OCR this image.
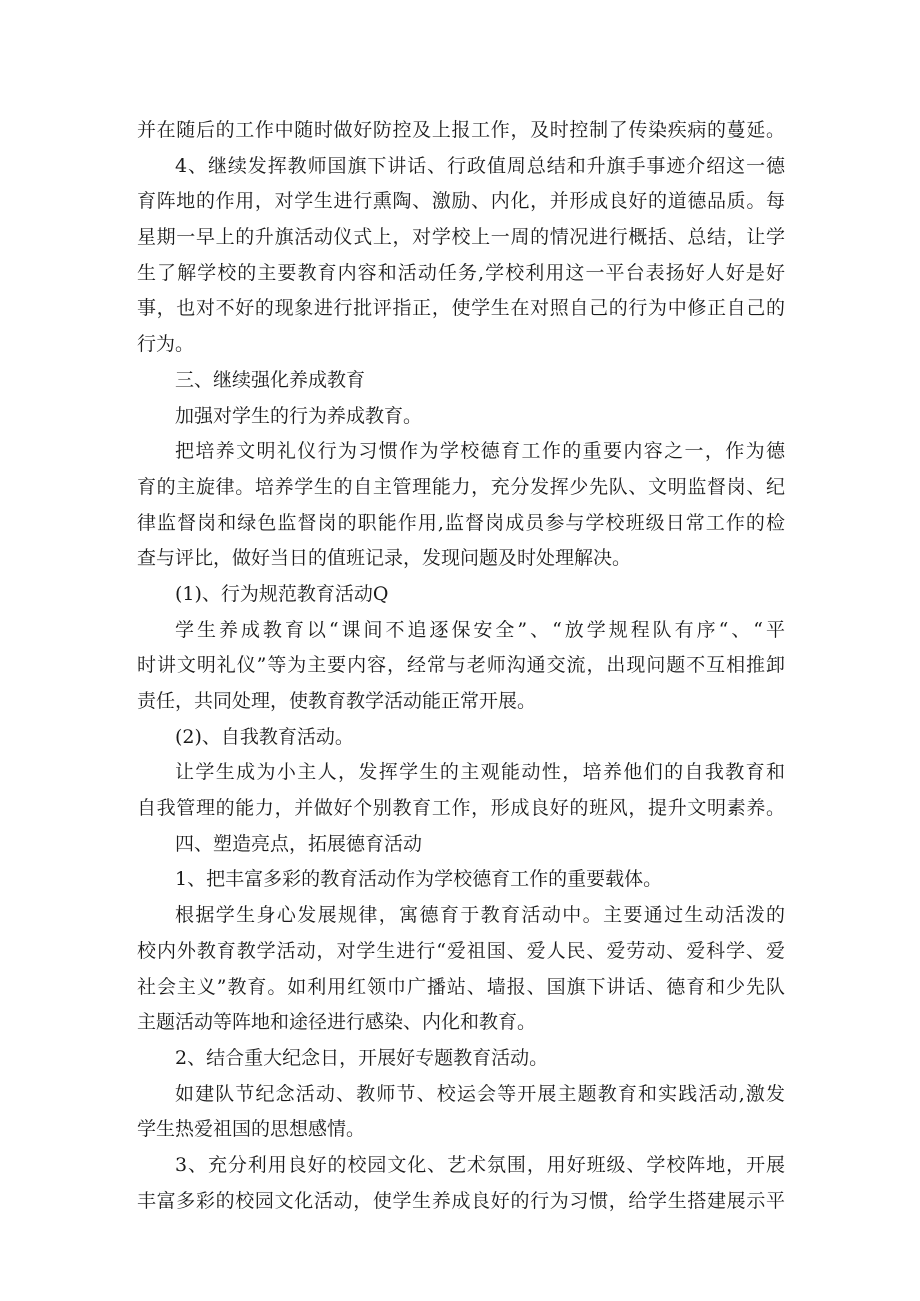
并在随后的工作中随时做好防控及上报工作，及时控制了传染疾病的蔓延。
4、继续发挥教师国旗下讲话、行政值周总结和升旗手事迹介绍这一德
育阵地的作用，对学生进行熏陶、激励、内化，并形成良好的道德品质。每
星期一早上的升旗活动仪式上，对学校上一周的情况进行概括、总结，让学
生了解学校的主要教育内容和活动任务,学校利用这一平台表扬好人好是好
事，也对不好的现象进行批评指正，使学生在对照自己的行为中修正自己的
行为。
三、继续强化养成教育
加强对学生的行为养成教育。
把培养文明礼仪行为习惯作为学校德育工作的重要内容之一，作为德
育的主旋律。培养学生的自主管理能力，充分发挥少先队、文明监督岗、纪
律监督岗和绿色监督岗的职能作用,监督岗成员参与学校班级日常工作的检
查与评比，做好当日的值班记录，发现问题及时处理解决。
(1)、行为规范教育活动Q
学生养成教育以“课间不追逐保安全”、“放学规程队有序“、“平
时讲文明礼仪”等为主要内容，经常与老师沟通交流，出现问题不互相推卸
责任，共同处理，使教育教学活动能正常开展。
(2)、自我教育活动。
让学生成为小主人，发挥学生的主观能动性，培养他们的自我教育和
自我管理的能力，并做好个别教育工作，形成良好的班风，提升文明素养。
四、塑造亮点，拓展德育活动
1、把丰富多彩的教育活动作为学校德育工作的重要载体。
根据学生身心发展规律，寓德育于教育活动中。主要通过生动活泼的
校内外教育教学活动，对学生进行“爱祖国、爱人民、爱劳动、爱科学、爱
社会主义”教育。如利用红领巾广播站、墙报、国旗下讲话、德育和少先队
主题活动等阵地和途径进行感染、内化和教育。
2、结合重大纪念日，开展好专题教育活动。
如建队节纪念活动、教师节、校运会等开展主题教育和实践活动,激发
学生热爱祖国的思想感情。
3、充分利用良好的校园文化、艺术氛围，用好班级、学校阵地，开展
丰富多彩的校园文化活动，使学生养成良好的行为习惯，给学生搭建展示平
